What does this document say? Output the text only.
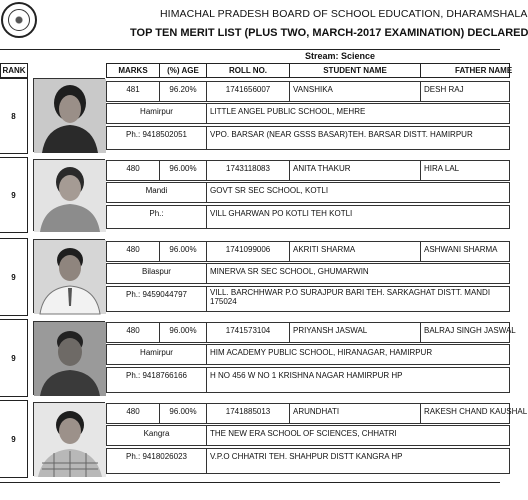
HIMACHAL PRADESH BOARD OF SCHOOL EDUCATION, DHARAMSHALA
TOP TEN MERIT LIST (PLUS TWO, MARCH-2017 EXAMINATION) DECLARED
Stream: Science
RANK	MARKS	(%) AGE	ROLL NO.	STUDENT NAME	FATHER NAME
8
481	96.20%	1741656007	VANSHIKA	DESH RAJ
Hamirpur	LITTLE ANGEL PUBLIC SCHOOL, MEHRE
Ph.: 9418502051	VPO. BARSAR (NEAR GSSS BASAR)TEH. BARSAR DISTT. HAMIRPUR
9
480	96.00%	1743118083	ANITA THAKUR	HIRA LAL
Mandi	GOVT SR SEC SCHOOL, KOTLI
Ph.:	VILL GHARWAN PO KOTLI TEH KOTLI
9
480	96.00%	1741099006	AKRITI SHARMA	ASHWANI SHARMA
Bilaspur	MINERVA SR SEC SCHOOL, GHUMARWIN
Ph.: 9459044797	VILL. BARCHHWAR P.O SURAJPUR BARI TEH. SARKAGHAT DISTT. MANDI 175024
9
480	96.00%	1741573104	PRIYANSH JASWAL	BALRAJ SINGH JASWAL
Hamirpur	HIM ACADEMY PUBLIC SCHOOL, HIRANAGAR, HAMIRPUR
Ph.: 9418766166	H NO 456 W NO 1 KRISHNA NAGAR HAMIRPUR HP
9
480	96.00%	1741885013	ARUNDHATI	RAKESH CHAND KAUSHAL
Kangra	THE NEW ERA SCHOOL OF SCIENCES, CHHATRI
Ph.: 9418026023	V.P.O CHHATRI TEH. SHAHPUR DISTT KANGRA HP
